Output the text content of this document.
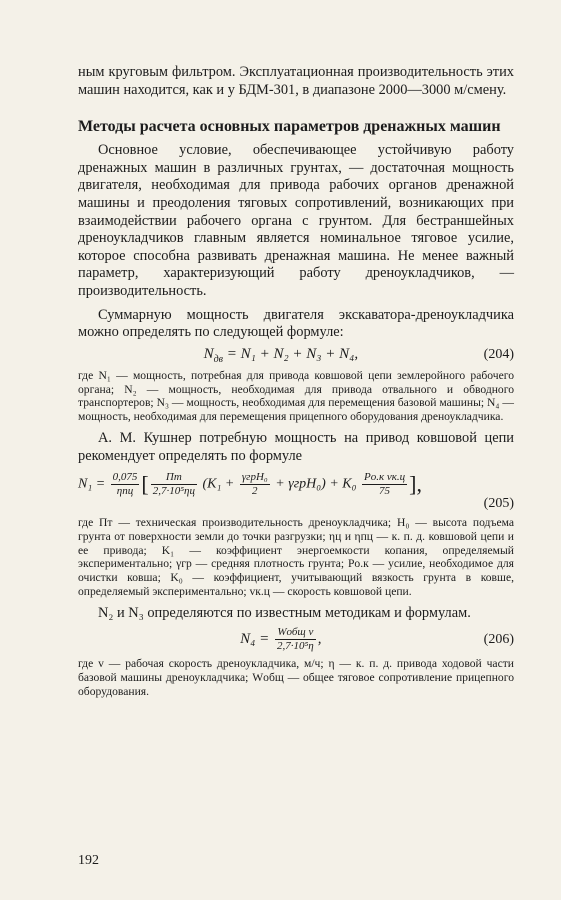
ным круговым фильтром. Эксплуатационная производительность этих машин находится, как и у БДМ-301, в диапазоне 2000—3000 м/смену.

Методы расчета основных параметров дренажных машин

Основное условие, обеспечивающее устойчивую работу дренажных машин в различных грунтах, — достаточная мощность двигателя, необходимая для привода рабочих органов дренажной машины и преодоления тяговых сопротивлений, возникающих при взаимодействии рабочего органа с грунтом. Для бестраншейных дреноукладчиков главным является номинальное тяговое усилие, которое способна развивать дренажная машина. Не менее важный параметр, характеризующий работу дреноукладчиков, — производительность.

Суммарную мощность двигателя экскаватора-дреноукладчика можно определять по следующей формуле:

$N_{дв} = N_1 + N_2 + N_3 + N_4$,	(204)

где N₁ — мощность, потребная для привода ковшовой цепи землеройного рабочего органа; N₂ — мощность, необходимая для привода отвального и обводного транспортеров; N₃ — мощность, необходимая для перемещения базовой машины; N₄ — мощность, необходимая для перемещения прицепного оборудования дреноукладчика.

А. М. Кушнер потребную мощность на привод ковшовой цепи рекомендует определять по формуле

$N_1 = \frac{0,075}{\text{ηпц}}$ [ $\frac{Пт}{\text{2,7·10⁵ηц}} (K_1 + \frac{\text{γгрH₀}}{2} + \gamma грH_0) + K_0 \frac{\text{Pо.к vк.ц}}{75}$ ],
(205)

где Пт — техническая производительность дреноукладчика; H₀ — высота подъема грунта от поверхности земли до точки разгрузки; ηц и ηпц — к. п. д. ковшовой цепи и ее привода; K₁ — коэффициент энергоемкости копания, определяемый экспериментально; γгр — средняя плотность грунта; Pо.к — усилие, необходимое для очистки ковша; K₀ — коэффициент, учитывающий вязкость грунта в ковше, определяемый экспериментально; vк.ц — скорость ковшовой цепи.

N₂ и N₃ определяются по известным методикам и формулам.

$N_4 = \frac{\text{Wобщ v}}{\text{2,7·10⁵η}}$ ,	(206)

где v — рабочая скорость дреноукладчика, м/ч; η — к. п. д. привода ходовой части базовой машины дреноукладчика; Wобщ — общее тяговое сопротивление прицепного оборудования.

192
